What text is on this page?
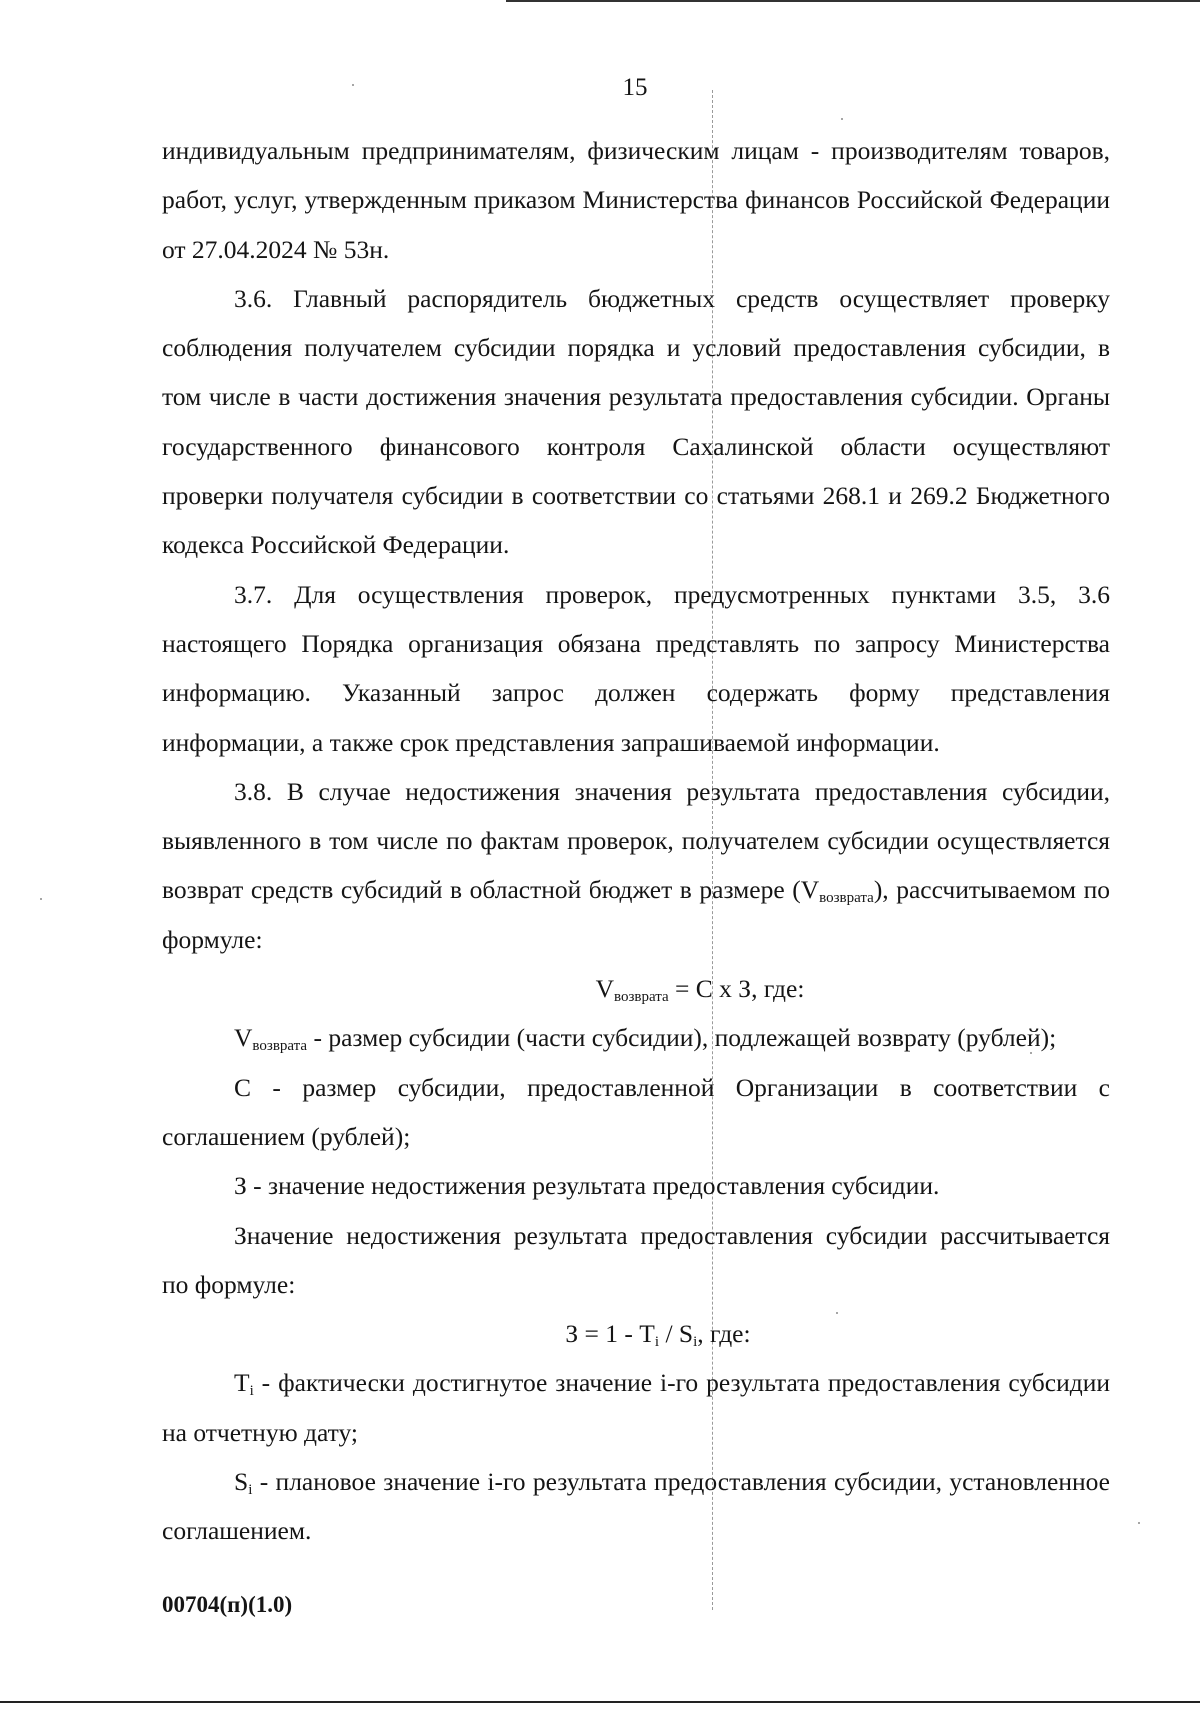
15

индивидуальным предпринимателям, физическим лицам - производителям товаров, работ, услуг, утвержденным приказом Министерства финансов Российской Федерации от 27.04.2024 № 53н.

3.6. Главный распорядитель бюджетных средств осуществляет проверку соблюдения получателем субсидии порядка и условий предоставления субсидии, в том числе в части достижения значения результата предоставления субсидии. Органы государственного финансового контроля Сахалинской области осуществляют проверки получателя субсидии в соответствии со статьями 268.1 и 269.2 Бюджетного кодекса Российской Федерации.

3.7. Для осуществления проверок, предусмотренных пунктами 3.5, 3.6 настоящего Порядка организация обязана представлять по запросу Министерства информацию. Указанный запрос должен содержать форму представления информации, а также срок представления запрашиваемой информации.

3.8. В случае недостижения значения результата предоставления субсидии, выявленного в том числе по фактам проверок, получателем субсидии осуществляется возврат средств субсидий в областной бюджет в размере $(V_{возврата})$, рассчитываемом по формуле:

$V_{возврата} = С$ х З, где:

$V_{возврата}$ - размер субсидии (части субсидии), подлежащей возврату (рублей);

С - размер субсидии, предоставленной Организации в соответствии с соглашением (рублей);

З - значение недостижения результата предоставления субсидии.

Значение недостижения результата предоставления субсидии рассчитывается по формуле:

$З = 1 - T_i / S_i$, где:

$T_i$ - фактически достигнутое значение i-го результата предоставления субсидии на отчетную дату;

$S_i$ - плановое значение i-го результата предоставления субсидии, установленное соглашением.

00704(п)(1.0)
